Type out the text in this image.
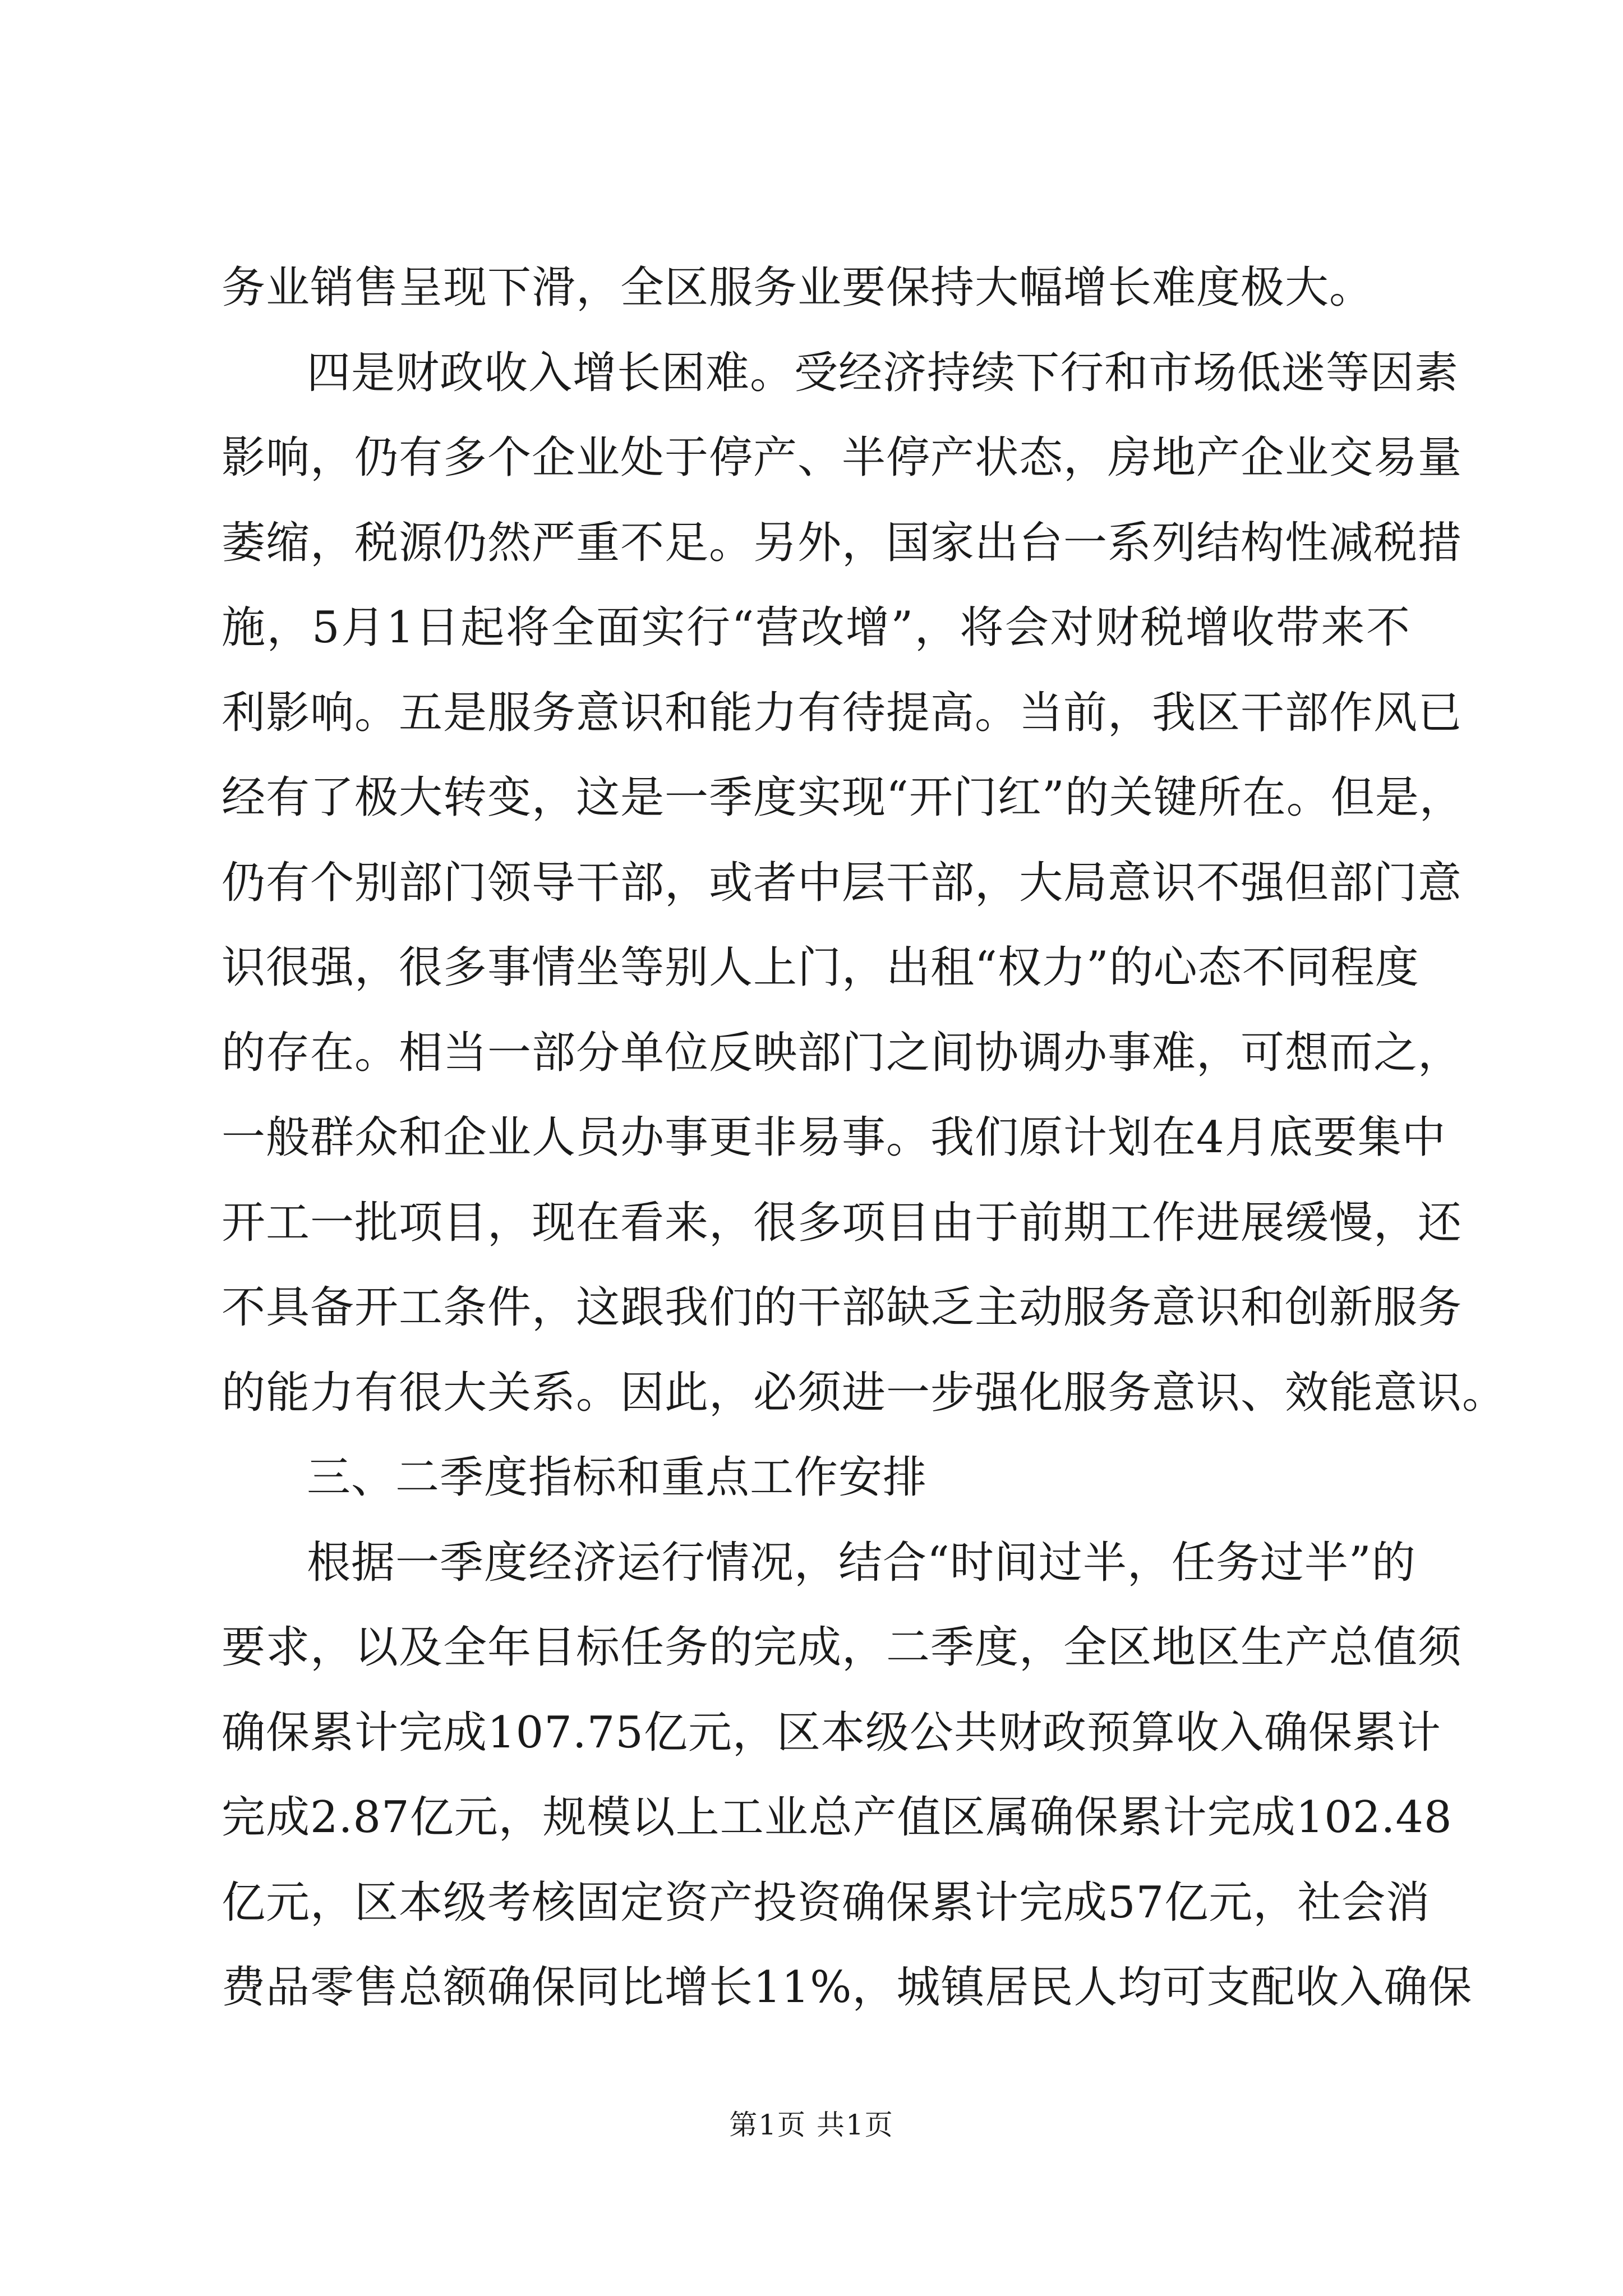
务业销售呈现下滑，全区服务业要保持大幅增长难度极大。
四是财政收入增长困难。受经济持续下行和市场低迷等因素
影响，仍有多个企业处于停产、半停产状态，房地产企业交易量
萎缩，税源仍然严重不足。另外，国家出台一系列结构性减税措
施，5月1日起将全面实行“营改增”，将会对财税增收带来不
利影响。五是服务意识和能力有待提高。当前，我区干部作风已
经有了极大转变，这是一季度实现“开门红”的关键所在。但是，
仍有个别部门领导干部，或者中层干部，大局意识不强但部门意
识很强，很多事情坐等别人上门，出租“权力”的心态不同程度
的存在。相当一部分单位反映部门之间协调办事难，可想而之，
一般群众和企业人员办事更非易事。我们原计划在4月底要集中
开工一批项目，现在看来，很多项目由于前期工作进展缓慢，还
不具备开工条件，这跟我们的干部缺乏主动服务意识和创新服务
的能力有很大关系。因此，必须进一步强化服务意识、效能意识。
三、二季度指标和重点工作安排
根据一季度经济运行情况，结合“时间过半，任务过半”的
要求，以及全年目标任务的完成，二季度，全区地区生产总值须
确保累计完成107.75亿元，区本级公共财政预算收入确保累计
完成2.87亿元，规模以上工业总产值区属确保累计完成102.48
亿元，区本级考核固定资产投资确保累计完成57亿元，社会消
费品零售总额确保同比增长11%，城镇居民人均可支配收入确保
第1页 共1页
